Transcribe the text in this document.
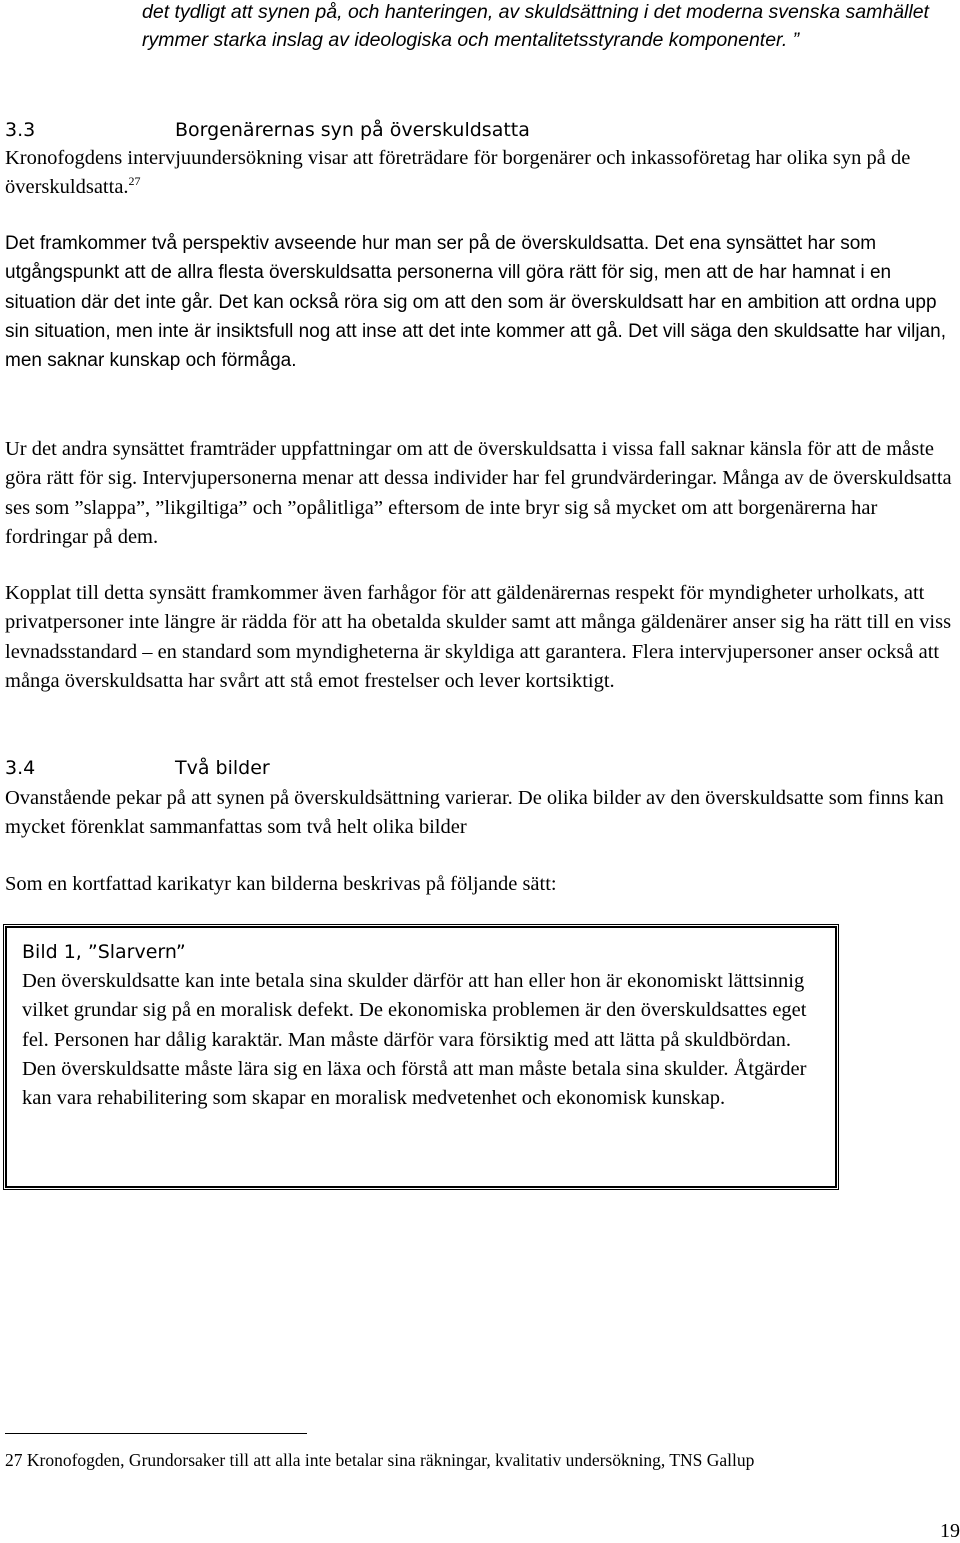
det tydligt att synen på, och hanteringen, av skuldsättning i det moderna svenska samhället rymmer starka inslag av ideologiska och mentalitetsstyrande komponenter. ”

3.3	Borgenärernas syn på överskuldsatta

Kronofogdens intervjuundersökning visar att företrädare för borgenärer och inkassoföretag har olika syn på de överskuldsatta.$^{27}$

Det framkommer två perspektiv avseende hur man ser på de överskuldsatta. Det ena synsättet har som utgångspunkt att de allra flesta överskuldsatta personerna vill göra rätt för sig, men att de har hamnat i en situation där det inte går. Det kan också röra sig om att den som är överskuldsatt har en ambition att ordna upp sin situation, men inte är insiktsfull nog att inse att det inte kommer att gå. Det vill säga den skuldsatte har viljan, men saknar kunskap och förmåga.

Ur det andra synsättet framträder uppfattningar om att de överskuldsatta i vissa fall saknar känsla för att de måste göra rätt för sig. Intervjupersonerna menar att dessa individer har fel grundvärderingar. Många av de överskuldsatta ses som ”slappa”, ”likgiltiga” och ”opålitliga” eftersom de inte bryr sig så mycket om att borgenärerna har fordringar på dem.

Kopplat till detta synsätt framkommer även farhågor för att gäldenärernas respekt för myndigheter urholkats, att privatpersoner inte längre är rädda för att ha obetalda skulder samt att många gäldenärer anser sig ha rätt till en viss levnadsstandard – en standard som myndigheterna är skyldiga att garantera. Flera intervjupersoner anser också att många överskuldsatta har svårt att stå emot frestelser och lever kortsiktigt.

3.4	Två bilder

Ovanstående pekar på att synen på överskuldsättning varierar. De olika bilder av den överskuldsatte som finns kan mycket förenklat sammanfattas som två helt olika bilder

Som en kortfattad karikatyr kan bilderna beskrivas på följande sätt:

Bild 1, ”Slarvern”

Den överskuldsatte kan inte betala sina skulder därför att han eller hon är ekonomiskt lättsinnig vilket grundar sig på en moralisk defekt. De ekonomiska problemen är den överskuldsattes eget fel. Personen har dålig karaktär. Man måste därför vara försiktig med att lätta på skuldbördan. Den överskuldsatte måste lära sig en läxa och förstå att man måste betala sina skulder. Åtgärder kan vara rehabilitering som skapar en moralisk medvetenhet och ekonomisk kunskap.

27 Kronofogden, Grundorsaker till att alla inte betalar sina räkningar, kvalitativ undersökning, TNS Gallup
19
